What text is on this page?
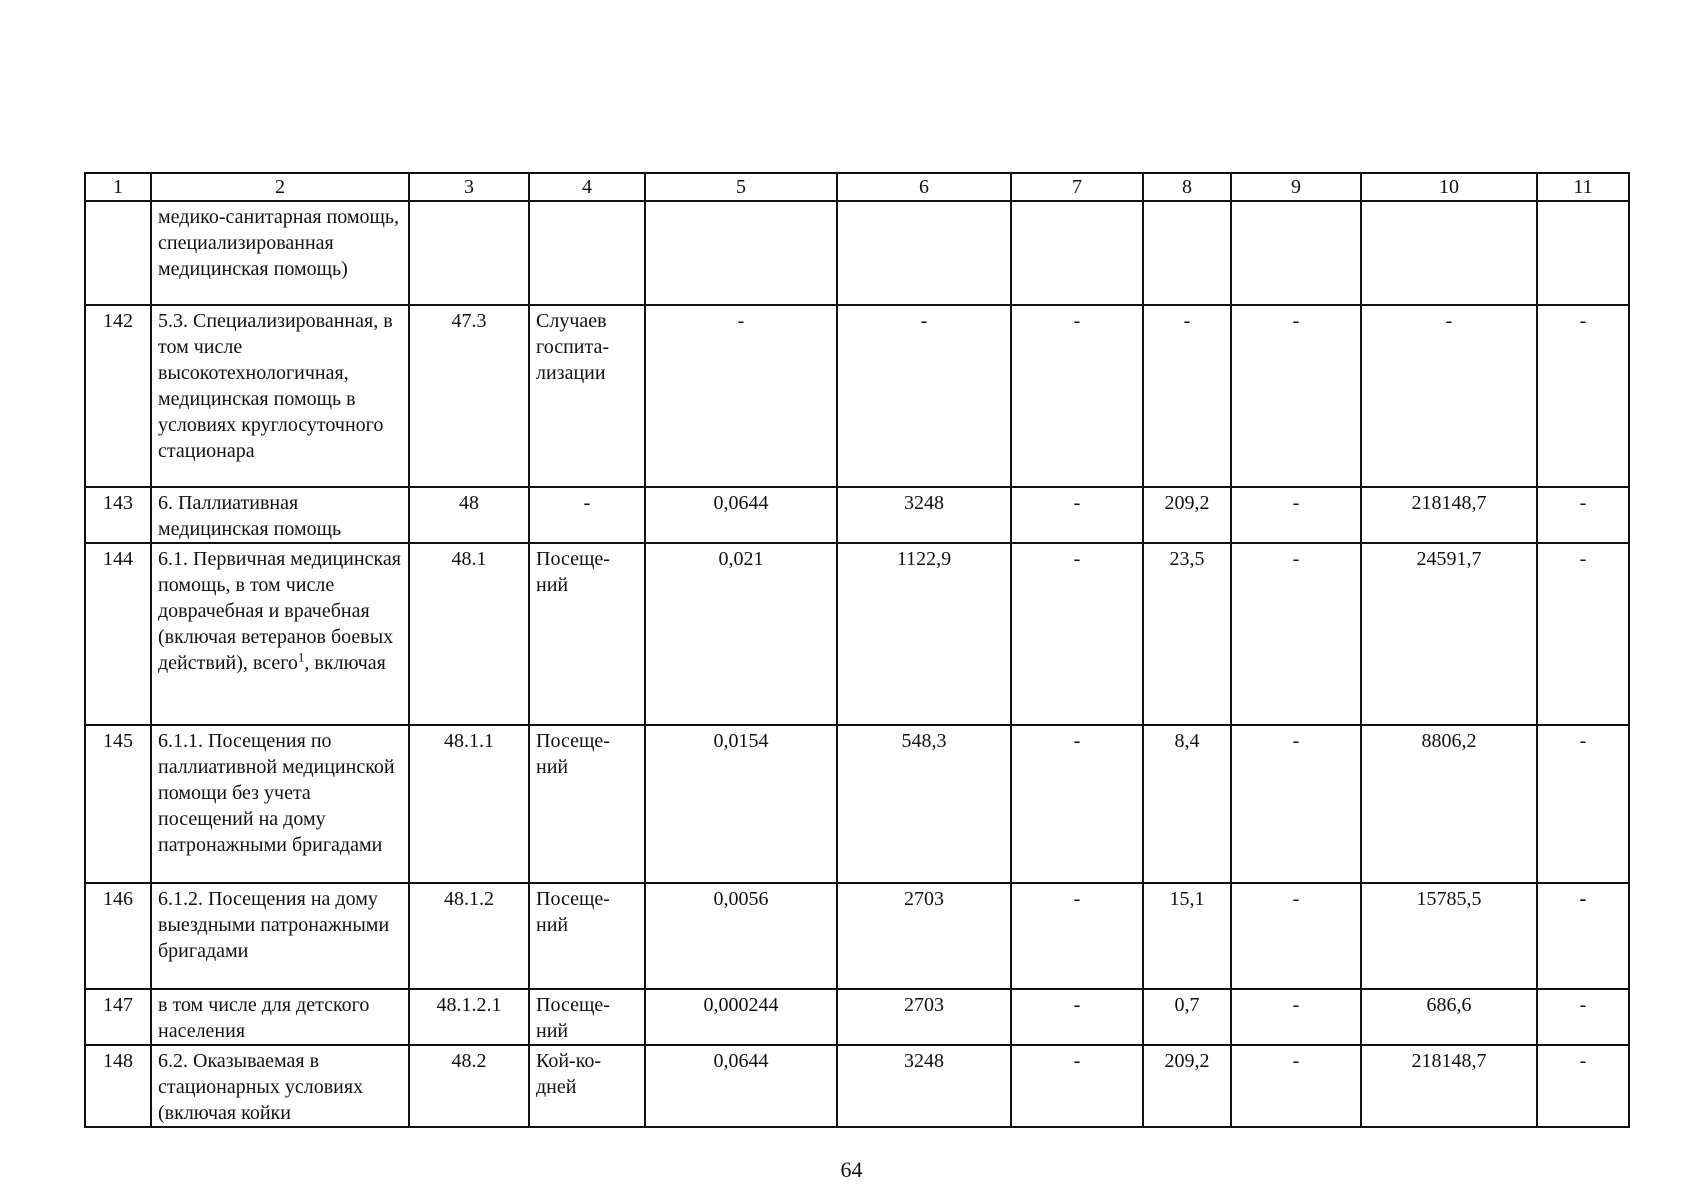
1	2	3	4	5	6	7	8	9	10	11
	медико-санитарная помощь, специализированная медицинская помощь)									
142	5.3. Специализированная, в том числе высокотехнологичная, медицинская помощь в условиях круглосуточного стационара	47.3	Случаев госпита-лизации	-	-	-	-	-	-	-
143	6. Паллиативная медицинская помощь	48	-	0,0644	3248	-	209,2	-	218148,7	-
144	6.1. Первичная медицинская помощь, в том числе доврачебная и врачебная (включая ветеранов боевых действий), всего$^1$, включая	48.1	Посеще-ний	0,021	1122,9	-	23,5	-	24591,7	-
145	6.1.1. Посещения по паллиативной медицинской помощи без учета посещений на дому патронажными бригадами	48.1.1	Посеще-ний	0,0154	548,3	-	8,4	-	8806,2	-
146	6.1.2. Посещения на дому выездными патронажными бригадами	48.1.2	Посеще-ний	0,0056	2703	-	15,1	-	15785,5	-
147	в том числе для детского населения	48.1.2.1	Посеще-ний	0,000244	2703	-	0,7	-	686,6	-
148	6.2. Оказываемая в стационарных условиях (включая койки	48.2	Кой-ко-дней	0,0644	3248	-	209,2	-	218148,7	-
64
